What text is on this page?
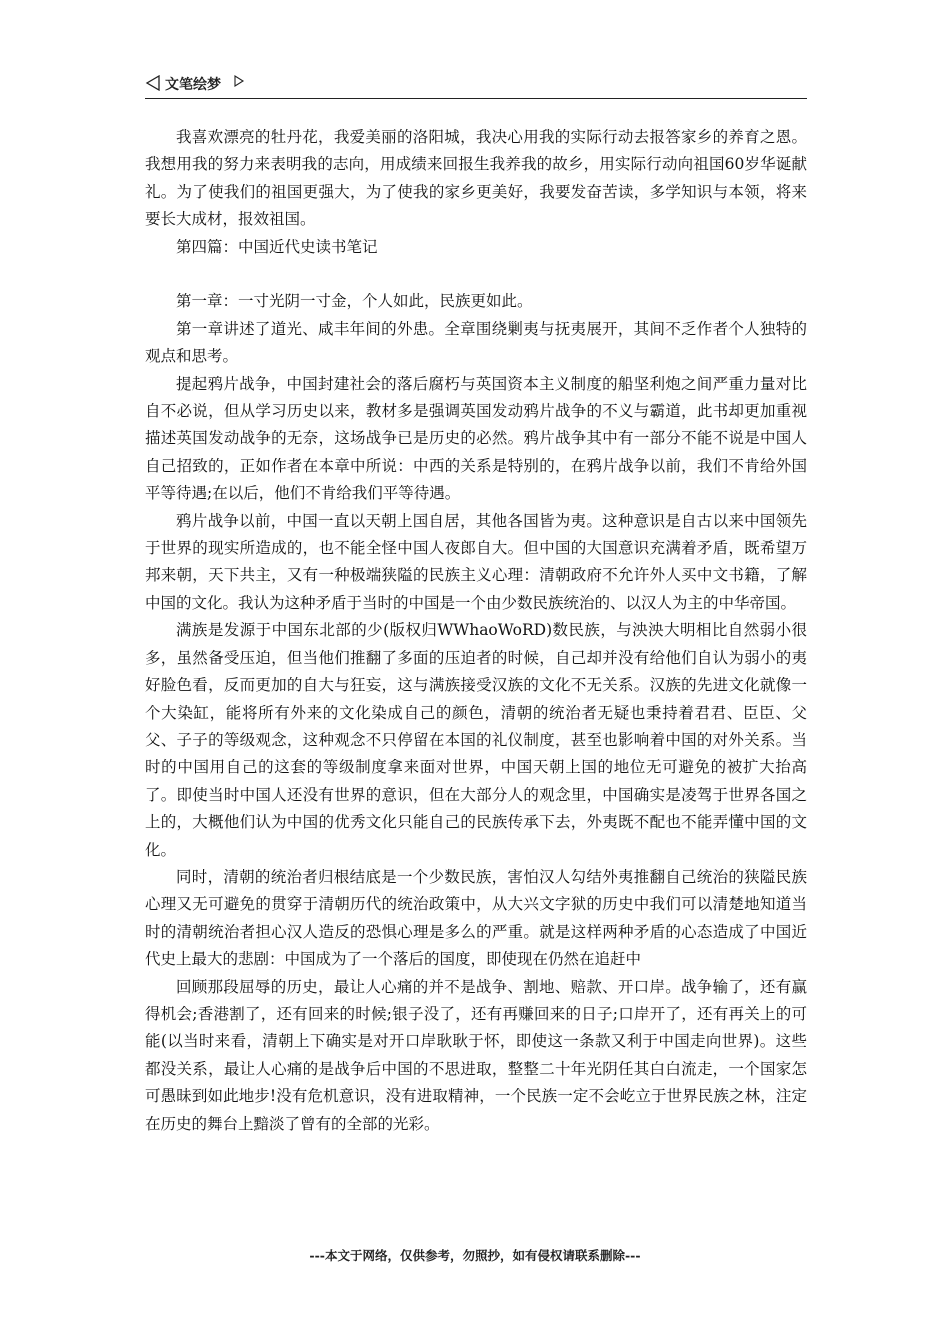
文笔绘梦

我喜欢漂亮的牡丹花，我爱美丽的洛阳城，我决心用我的实际行动去报答家乡的养育之恩。我想用我的努力来表明我的志向，用成绩来回报生我养我的故乡，用实际行动向祖国60岁华诞献礼。为了使我们的祖国更强大，为了使我的家乡更美好，我要发奋苦读，多学知识与本领，将来要长大成材，报效祖国。

第四篇：中国近代史读书笔记

第一章：一寸光阴一寸金，个人如此，民族更如此。

第一章讲述了道光、咸丰年间的外患。全章围绕剿夷与抚夷展开，其间不乏作者个人独特的观点和思考。

提起鸦片战争，中国封建社会的落后腐朽与英国资本主义制度的船坚利炮之间严重力量对比自不必说，但从学习历史以来，教材多是强调英国发动鸦片战争的不义与霸道，此书却更加重视描述英国发动战争的无奈，这场战争已是历史的必然。鸦片战争其中有一部分不能不说是中国人自己招致的，正如作者在本章中所说：中西的关系是特别的，在鸦片战争以前，我们不肯给外国平等待遇;在以后，他们不肯给我们平等待遇。

鸦片战争以前，中国一直以天朝上国自居，其他各国皆为夷。这种意识是自古以来中国领先于世界的现实所造成的，也不能全怪中国人夜郎自大。但中国的大国意识充满着矛盾，既希望万邦来朝，天下共主，又有一种极端狭隘的民族主义心理：清朝政府不允许外人买中文书籍，了解中国的文化。我认为这种矛盾于当时的中国是一个由少数民族统治的、以汉人为主的中华帝国。

满族是发源于中国东北部的少(版权归WWhaoWoRD)数民族，与泱泱大明相比自然弱小很多，虽然备受压迫，但当他们推翻了多面的压迫者的时候，自己却并没有给他们自认为弱小的夷好脸色看，反而更加的自大与狂妄，这与满族接受汉族的文化不无关系。汉族的先进文化就像一个大染缸，能将所有外来的文化染成自己的颜色，清朝的统治者无疑也秉持着君君、臣臣、父父、子子的等级观念，这种观念不只停留在本国的礼仪制度，甚至也影响着中国的对外关系。当时的中国用自己的这套的等级制度拿来面对世界，中国天朝上国的地位无可避免的被扩大抬高了。即使当时中国人还没有世界的意识，但在大部分人的观念里，中国确实是凌驾于世界各国之上的，大概他们认为中国的优秀文化只能自己的民族传承下去，外夷既不配也不能弄懂中国的文化。

同时，清朝的统治者归根结底是一个少数民族，害怕汉人勾结外夷推翻自己统治的狭隘民族心理又无可避免的贯穿于清朝历代的统治政策中，从大兴文字狱的历史中我们可以清楚地知道当时的清朝统治者担心汉人造反的恐惧心理是多么的严重。就是这样两种矛盾的心态造成了中国近代史上最大的悲剧：中国成为了一个落后的国度，即使现在仍然在追赶中

回顾那段屈辱的历史，最让人心痛的并不是战争、割地、赔款、开口岸。战争输了，还有赢得机会;香港割了，还有回来的时候;银子没了，还有再赚回来的日子;口岸开了，还有再关上的可能(以当时来看，清朝上下确实是对开口岸耿耿于怀，即使这一条款又利于中国走向世界)。这些都没关系，最让人心痛的是战争后中国的不思进取，整整二十年光阴任其白白流走，一个国家怎可愚昧到如此地步!没有危机意识，没有进取精神，一个民族一定不会屹立于世界民族之林，注定在历史的舞台上黯淡了曾有的全部的光彩。

---本文于网络，仅供参考，勿照抄，如有侵权请联系删除---
